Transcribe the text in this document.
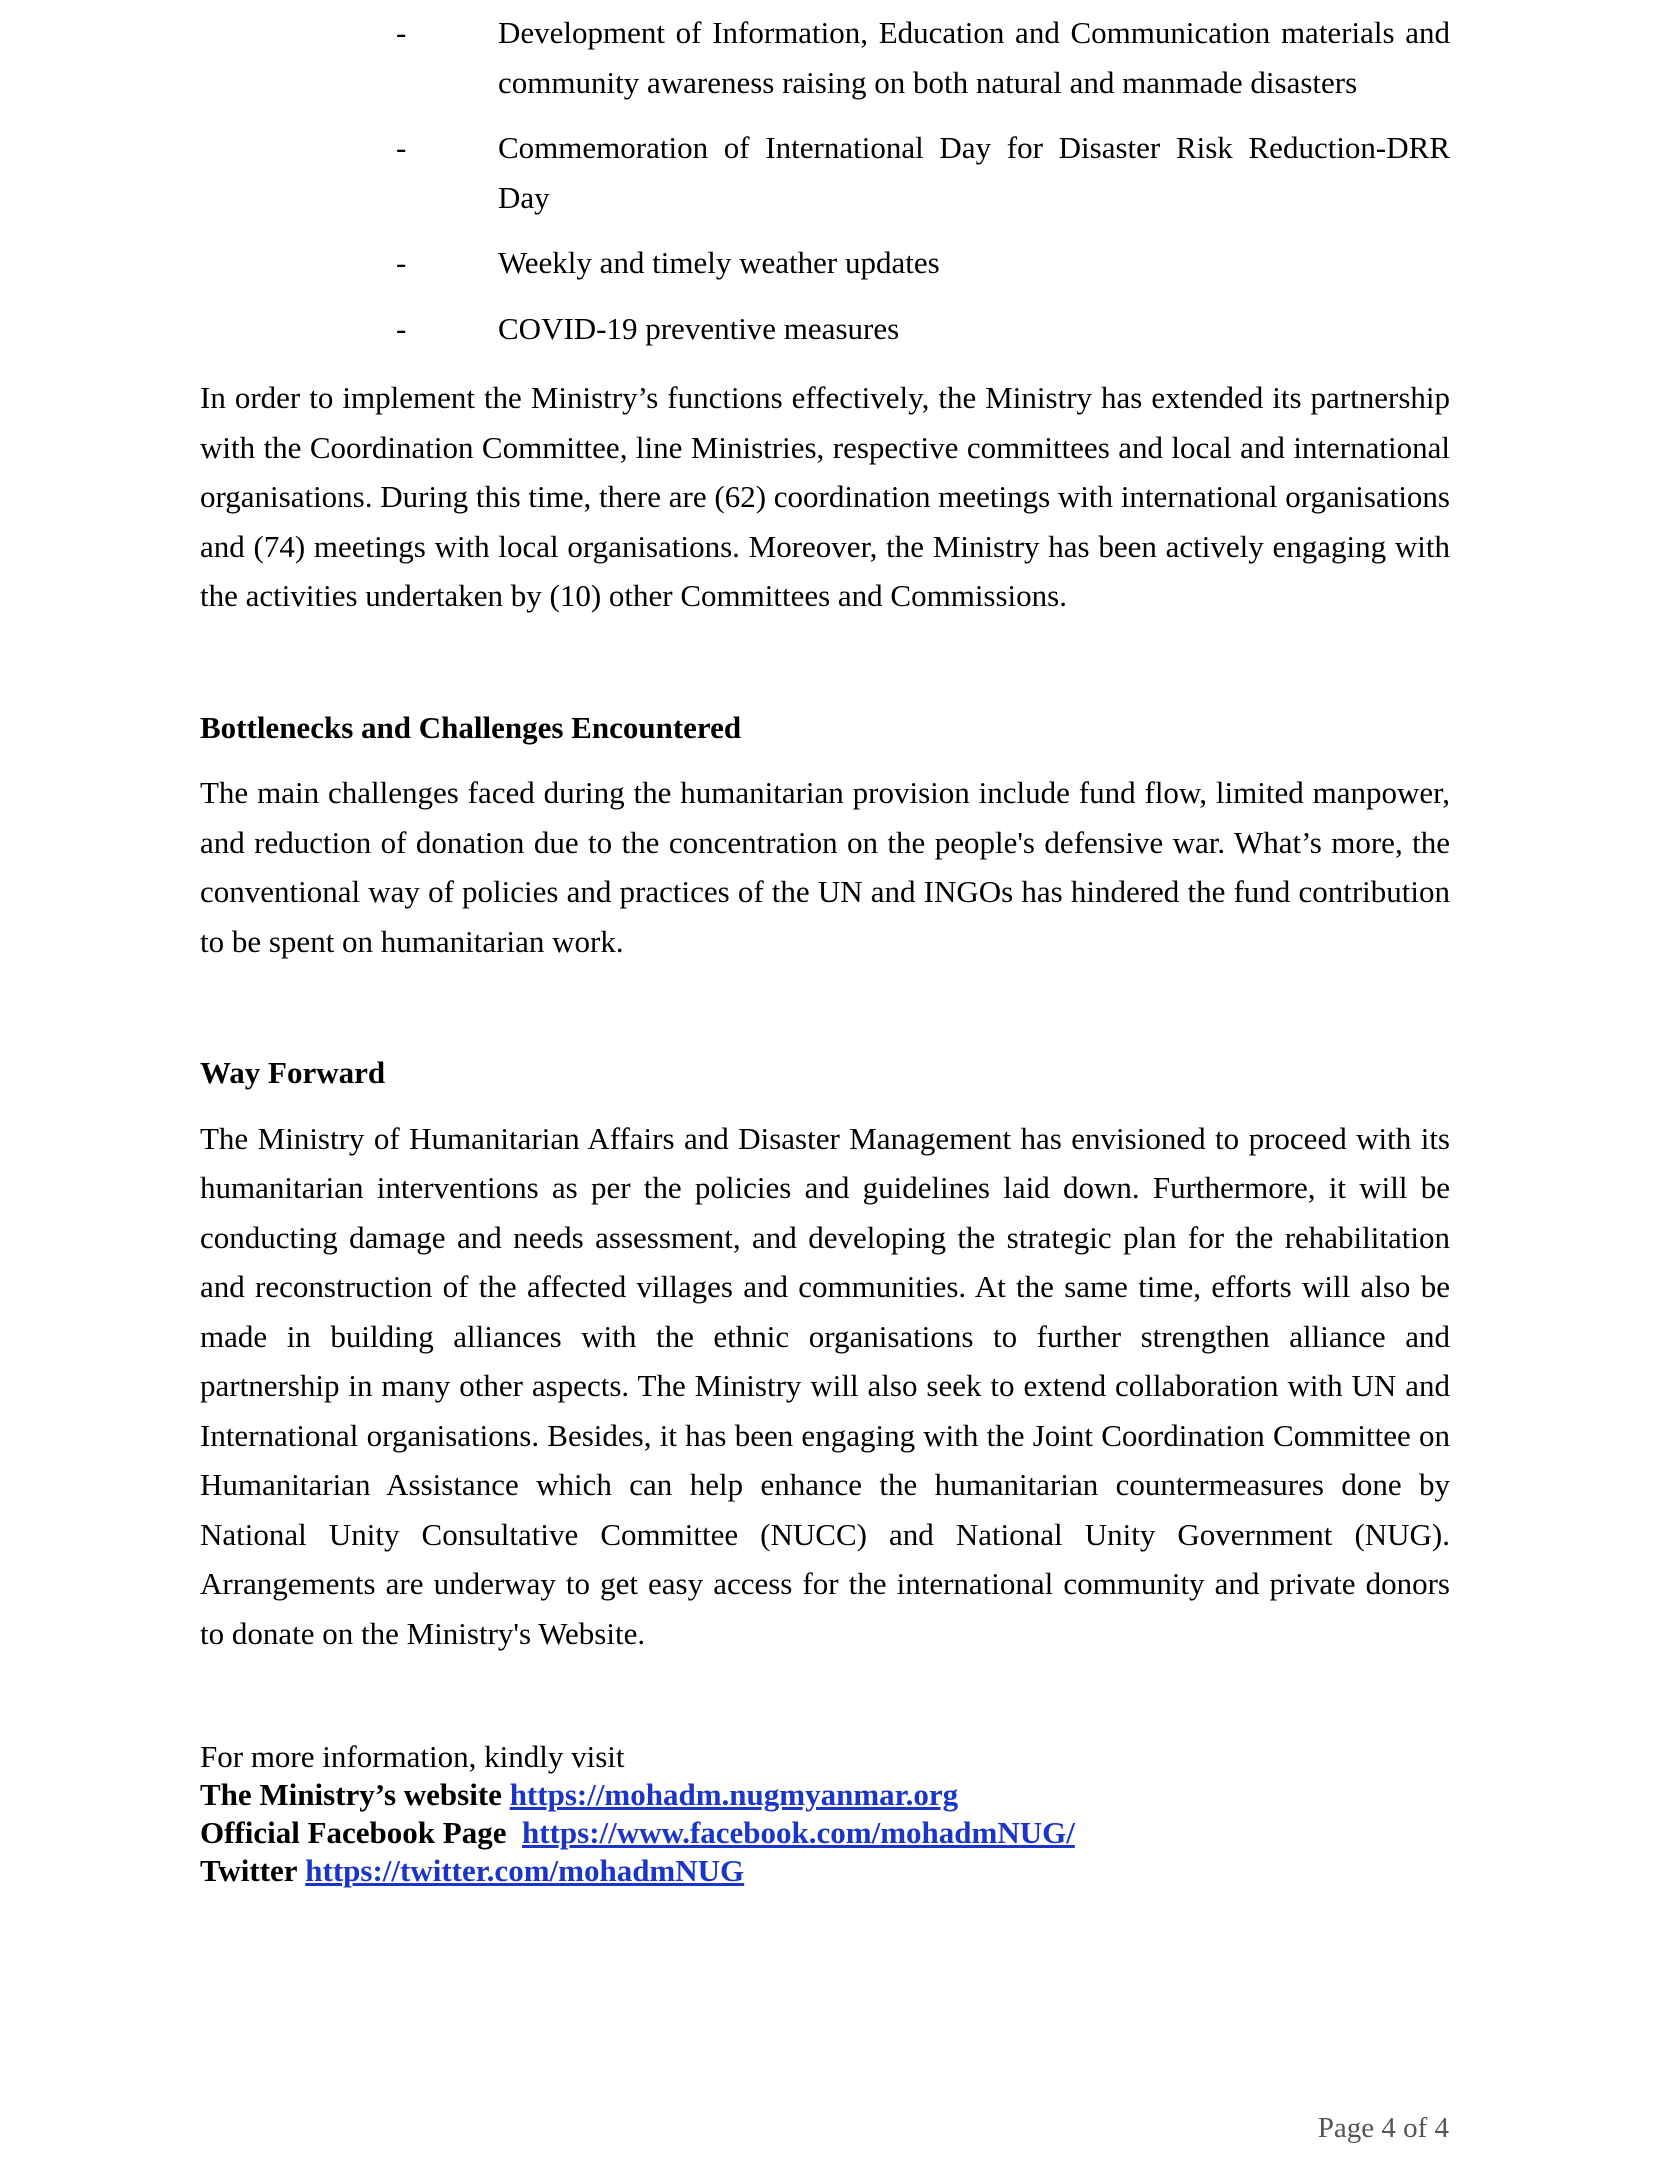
-	Development of Information, Education and Communication materials and community awareness raising on both natural and manmade disasters
-	Commemoration of International Day for Disaster Risk Reduction-DRR Day
-	Weekly and timely weather updates
-	COVID-19 preventive measures

In order to implement the Ministry’s functions effectively, the Ministry has extended its partnership with the Coordination Committee, line Ministries, respective committees and local and international organisations. During this time, there are (62) coordination meetings with international organisations and (74) meetings with local organisations. Moreover, the Ministry has been actively engaging with the activities undertaken by (10) other Committees and Commissions.

Bottlenecks and Challenges Encountered

The main challenges faced during the humanitarian provision include fund flow, limited manpower, and reduction of donation due to the concentration on the people's defensive war. What’s more, the conventional way of policies and practices of the UN and INGOs has hindered the fund contribution to be spent on humanitarian work.

Way Forward

The Ministry of Humanitarian Affairs and Disaster Management has envisioned to proceed with its humanitarian interventions as per the policies and guidelines laid down. Furthermore, it will be conducting damage and needs assessment, and developing the strategic plan for the rehabilitation and reconstruction of the affected villages and communities. At the same time, efforts will also be made in building alliances with the ethnic organisations to further strengthen alliance and partnership in many other aspects. The Ministry will also seek to extend collaboration with UN and International organisations. Besides, it has been engaging with the Joint Coordination Committee on Humanitarian Assistance which can help enhance the humanitarian countermeasures done by National Unity Consultative Committee (NUCC) and National Unity Government (NUG). Arrangements are underway to get easy access for the international community and private donors to donate on the Ministry's Website.

For more information, kindly visit

The Ministry’s website https://mohadm.nugmyanmar.org

Official Facebook Page https://www.facebook.com/mohadmNUG/

Twitter https://twitter.com/mohadmNUG

Page 4 of 4
